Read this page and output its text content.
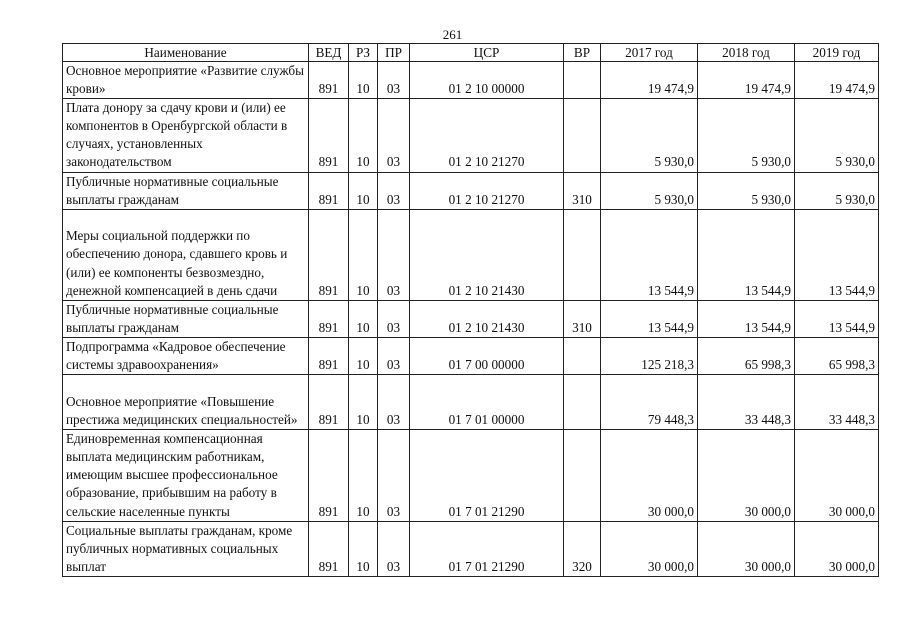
261
Наименование	ВЕД	РЗ	ПР	ЦСР	ВР	2017 год	2018 год	2019 год
Основное мероприятие «Развитие службы крови»	891	10	03	01 2 10 00000		19 474,9	19 474,9	19 474,9
Плата донору за сдачу крови и (или) ее компонентов в Оренбургской области в случаях, установленных законодательством	891	10	03	01 2 10 21270		5 930,0	5 930,0	5 930,0
Публичные нормативные социальные выплаты гражданам	891	10	03	01 2 10 21270	310	5 930,0	5 930,0	5 930,0
Меры социальной поддержки по обеспечению донора, сдавшего кровь и (или) ее компоненты безвозмездно, денежной компенсацией в день сдачи	891	10	03	01 2 10 21430		13 544,9	13 544,9	13 544,9
Публичные нормативные социальные выплаты гражданам	891	10	03	01 2 10 21430	310	13 544,9	13 544,9	13 544,9
Подпрограмма «Кадровое обеспечение системы здравоохранения»	891	10	03	01 7 00 00000		125 218,3	65 998,3	65 998,3
Основное мероприятие «Повышение престижа медицинских специальностей»	891	10	03	01 7 01 00000		79 448,3	33 448,3	33 448,3
Единовременная компенсационная выплата медицинским работникам, имеющим высшее профессиональное образование, прибывшим на работу в сельские населенные пункты	891	10	03	01 7 01 21290		30 000,0	30 000,0	30 000,0
Социальные выплаты гражданам, кроме публичных нормативных социальных выплат	891	10	03	01 7 01 21290	320	30 000,0	30 000,0	30 000,0
